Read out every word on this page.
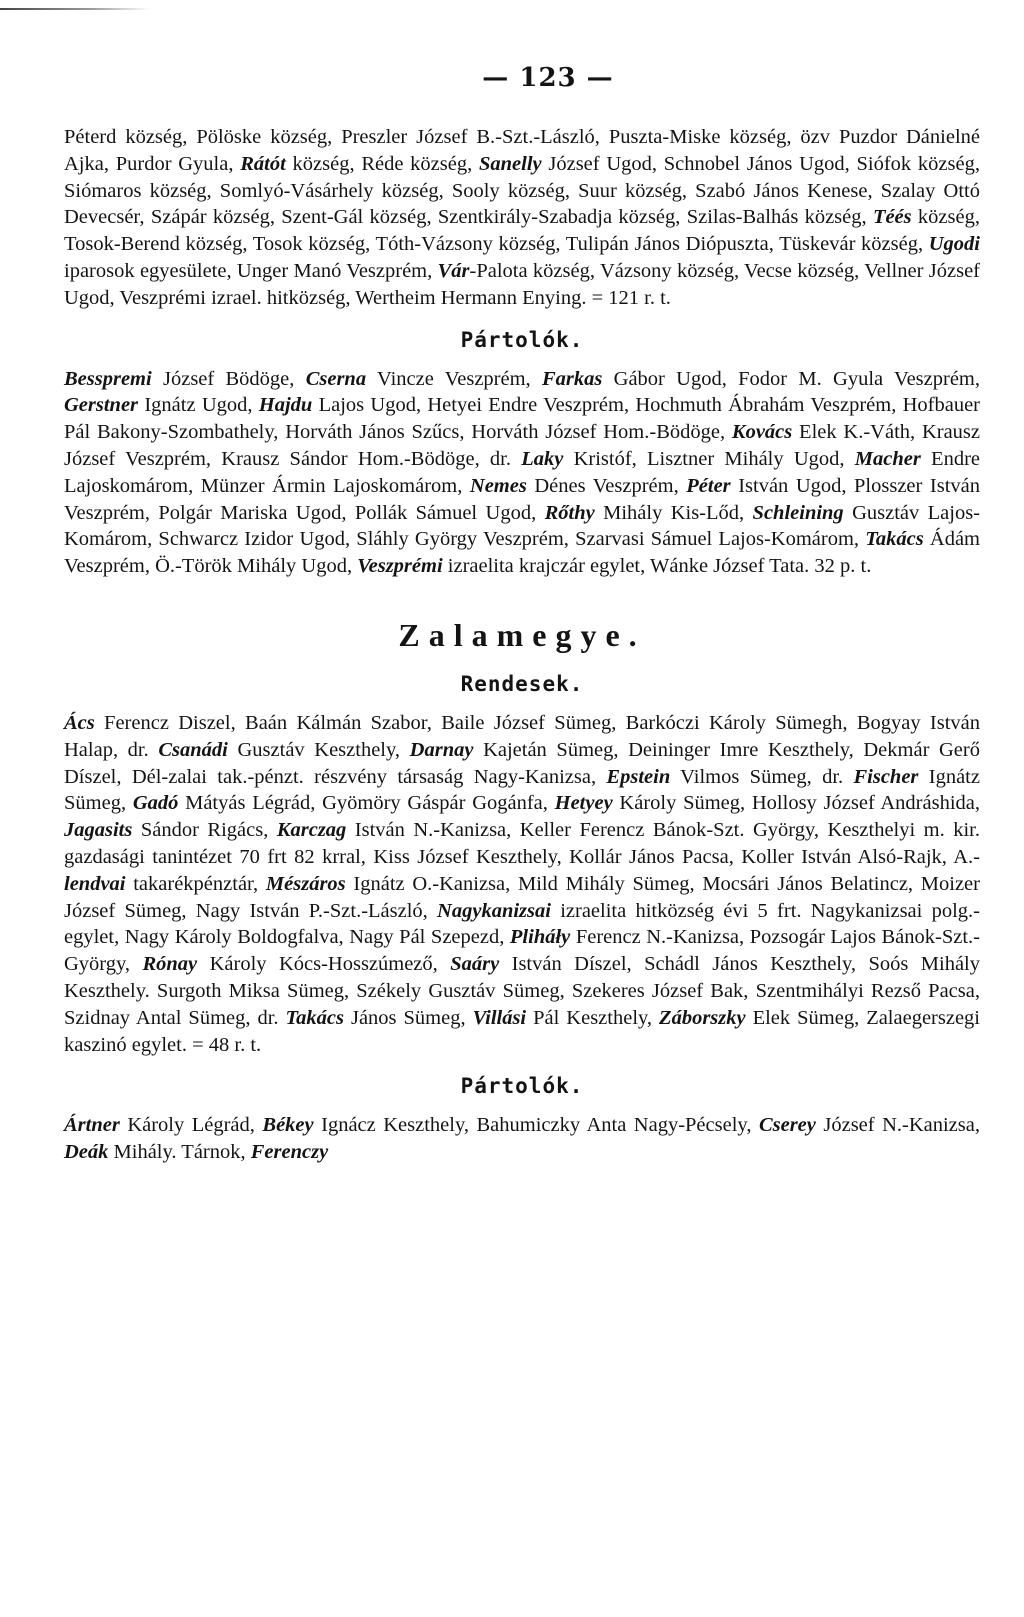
— 123 —

Péterd község, Pölöske község, Preszler József B.-Szt.-László, Puszta-Miske község, özv Puzdor Dánielné Ajka, Purdor Gyula, Rátót község, Réde község, Sanelly József Ugod, Schnobel János Ugod, Siófok község, Siómaros község, Somlyó-Vásárhely község, Sooly község, Suur község, Szabó János Kenese, Szalay Ottó Devecsér, Szápár község, Szent-Gál község, Szentkirály-Szabadja község, Szilas-Balhás község, Téés község, Tosok-Berend község, Tosok község, Tóth-Vázsony község, Tulipán János Diópuszta, Tüskevár község, Ugodi iparosok egyesülete, Unger Manó Veszprém, Vár-Palota község, Vázsony község, Vecse község, Vellner József Ugod, Veszprémi izrael. hitközség, Wertheim Hermann Enying. = 121 r. t.

Pártolók.

Besspremi József Bödöge, Cserna Vincze Veszprém, Farkas Gábor Ugod, Fodor M. Gyula Veszprém, Gerstner Ignátz Ugod, Hajdu Lajos Ugod, Hetyei Endre Veszprém, Hochmuth Ábrahám Veszprém, Hofbauer Pál Bakony-Szombathely, Horváth János Szűcs, Horváth József Hom.-Bödöge, Kovács Elek K.-Váth, Krausz József Veszprém, Krausz Sándor Hom.-Bödöge, dr. Laky Kristóf, Lisztner Mihály Ugod, Macher Endre Lajoskomárom, Münzer Ármin Lajoskomárom, Nemes Dénes Veszprém, Péter István Ugod, Plosszer István Veszprém, Polgár Mariska Ugod, Pollák Sámuel Ugod, Rőthy Mihály Kis-Lőd, Schleining Gusztáv Lajos-Komárom, Schwarcz Izidor Ugod, Sláhly György Veszprém, Szarvasi Sámuel Lajos-Komárom, Takács Ádám Veszprém, Ö.-Török Mihály Ugod, Veszprémi izraelita krajczár egylet, Wánke József Tata. 32 p. t.

Zalamegye.
Rendesek.

Ács Ferencz Diszel, Baán Kálmán Szabor, Baile József Sümeg, Barkóczi Károly Sümegh, Bogyay István Halap, dr. Csanádi Gusztáv Keszthely, Darnay Kajetán Sümeg, Deininger Imre Keszthely, Dekmár Gerő Díszel, Dél-zalai tak.-pénzt. részvény társaság Nagy-Kanizsa, Epstein Vilmos Sümeg, dr. Fischer Ignátz Sümeg, Gadó Mátyás Légrád, Gyömöry Gáspár Gogánfa, Hetyey Károly Sümeg, Hollosy József Andráshida, Jagasits Sándor Rigács, Karczag István N.-Kanizsa, Keller Ferencz Bánok-Szt. György, Keszthelyi m. kir. gazdasági tanintézet 70 frt 82 krral, Kiss József Keszthely, Kollár János Pacsa, Koller István Alsó-Rajk, A.-lendvai takarékpénztár, Mészáros Ignátz O.-Kanizsa, Mild Mihály Sümeg, Mocsári János Belatincz, Moizer József Sümeg, Nagy István P.-Szt.-László, Nagykanizsai izraelita hitközség évi 5 frt. Nagykanizsai polg.-egylet, Nagy Károly Boldogfalva, Nagy Pál Szepezd, Pliháły Ferencz N.-Kanizsa, Pozsogár Lajos Bánok-Szt.-György, Rónay Károly Kócs-Hosszúmező, Saáry István Díszel, Schádl János Keszthely, Soós Mihály Keszthely. Surgoth Miksa Sümeg, Székely Gusztáv Sümeg, Szekeres József Bak, Szentmihályi Rezső Pacsa, Szidnay Antal Sümeg, dr. Takács János Sümeg, Villási Pál Keszthely, Záborszky Elek Sümeg, Zalaegerszegi kaszinó egylet. = 48 r. t.

Pártolók.

Ártner Károly Légrád, Békey Ignácz Keszthely, Bahumiczky Anta Nagy-Pécsely, Cserey József N.-Kanizsa, Deák Mihály. Tárnok, Ferenczy
